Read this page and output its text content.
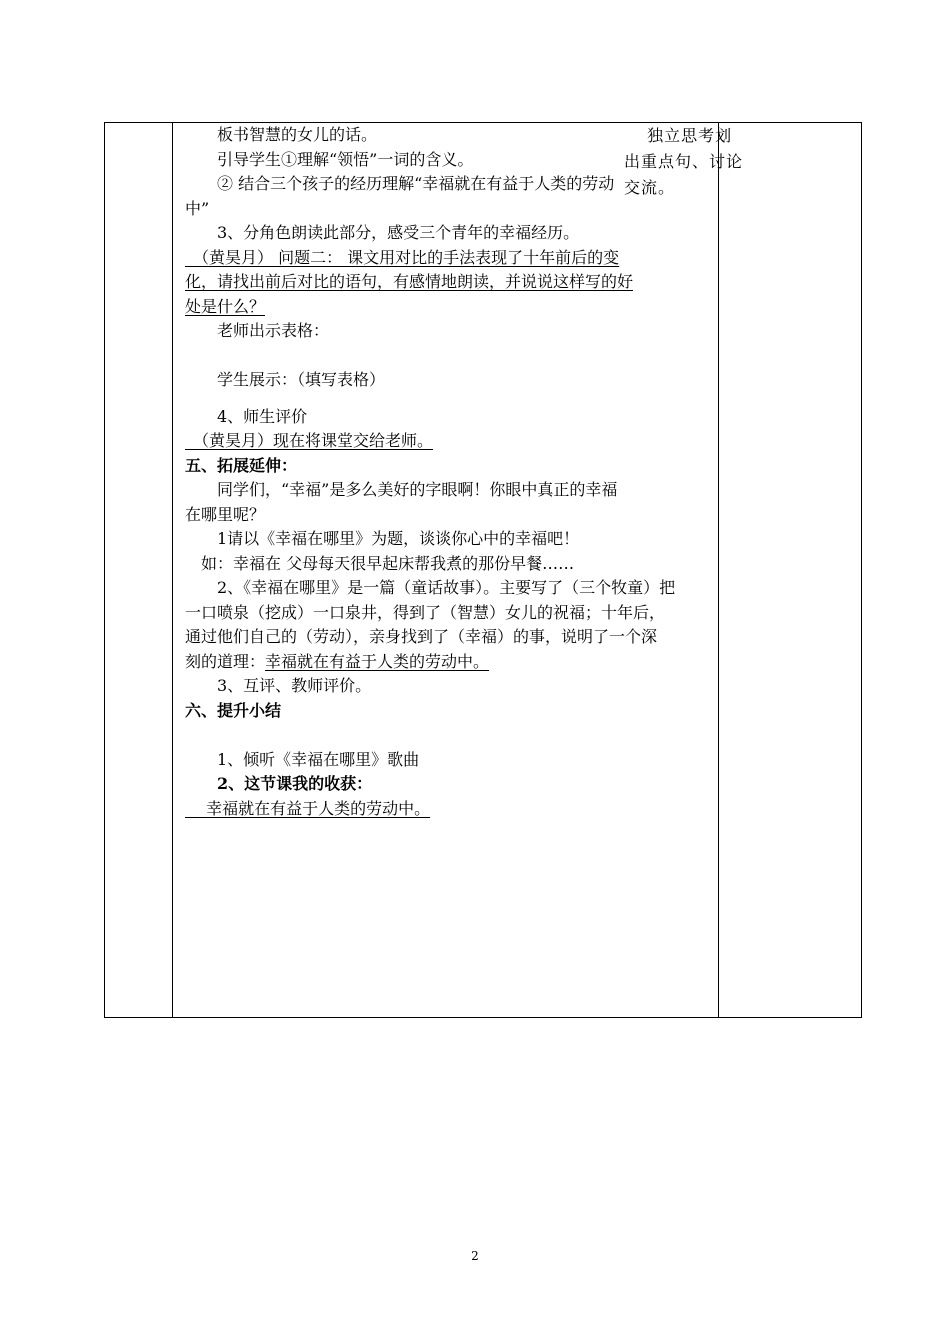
　　板书智慧的女儿的话。
　　引导学生①理解“领悟”一词的含义。
　　② 结合三个孩子的经历理解“幸福就在有益于人类的劳动
中”
　　3、分角色朗读此部分，感受三个青年的幸福经历。
　（黄昊月） 问题二： 课文用对比的手法表现了十年前后的变
化，请找出前后对比的语句，有感情地朗读，并说说这样写的好
处是什么？
　　老师出示表格：
　　学生展示：（填写表格）
　　4、师生评价
　（黄昊月）现在将课堂交给老师。
五、拓展延伸：
　　同学们，“幸福”是多么美好的字眼啊！你眼中真正的幸福
在哪里呢？
　　1请以《幸福在哪里》为题，谈谈你心中的幸福吧！
　如：幸福在 父母每天很早起床帮我煮的那份早餐……
　　2、《幸福在哪里》是一篇（童话故事）。主要写了（三个牧童）把
一口喷泉（挖成）一口泉井，得到了（智慧）女儿的祝福；十年后，
通过他们自己的（劳动），亲身找到了（幸福）的事，说明了一个深
刻的道理：幸福就在有益于人类的劳动中。
　　3、互评、教师评价。
六、提升小结
　　1、倾听《幸福在哪里》歌曲
　　2、这节课我的收获：
　 幸福就在有益于人类的劳动中。
　 独立思考划
出重点句、讨论
交流。
2
